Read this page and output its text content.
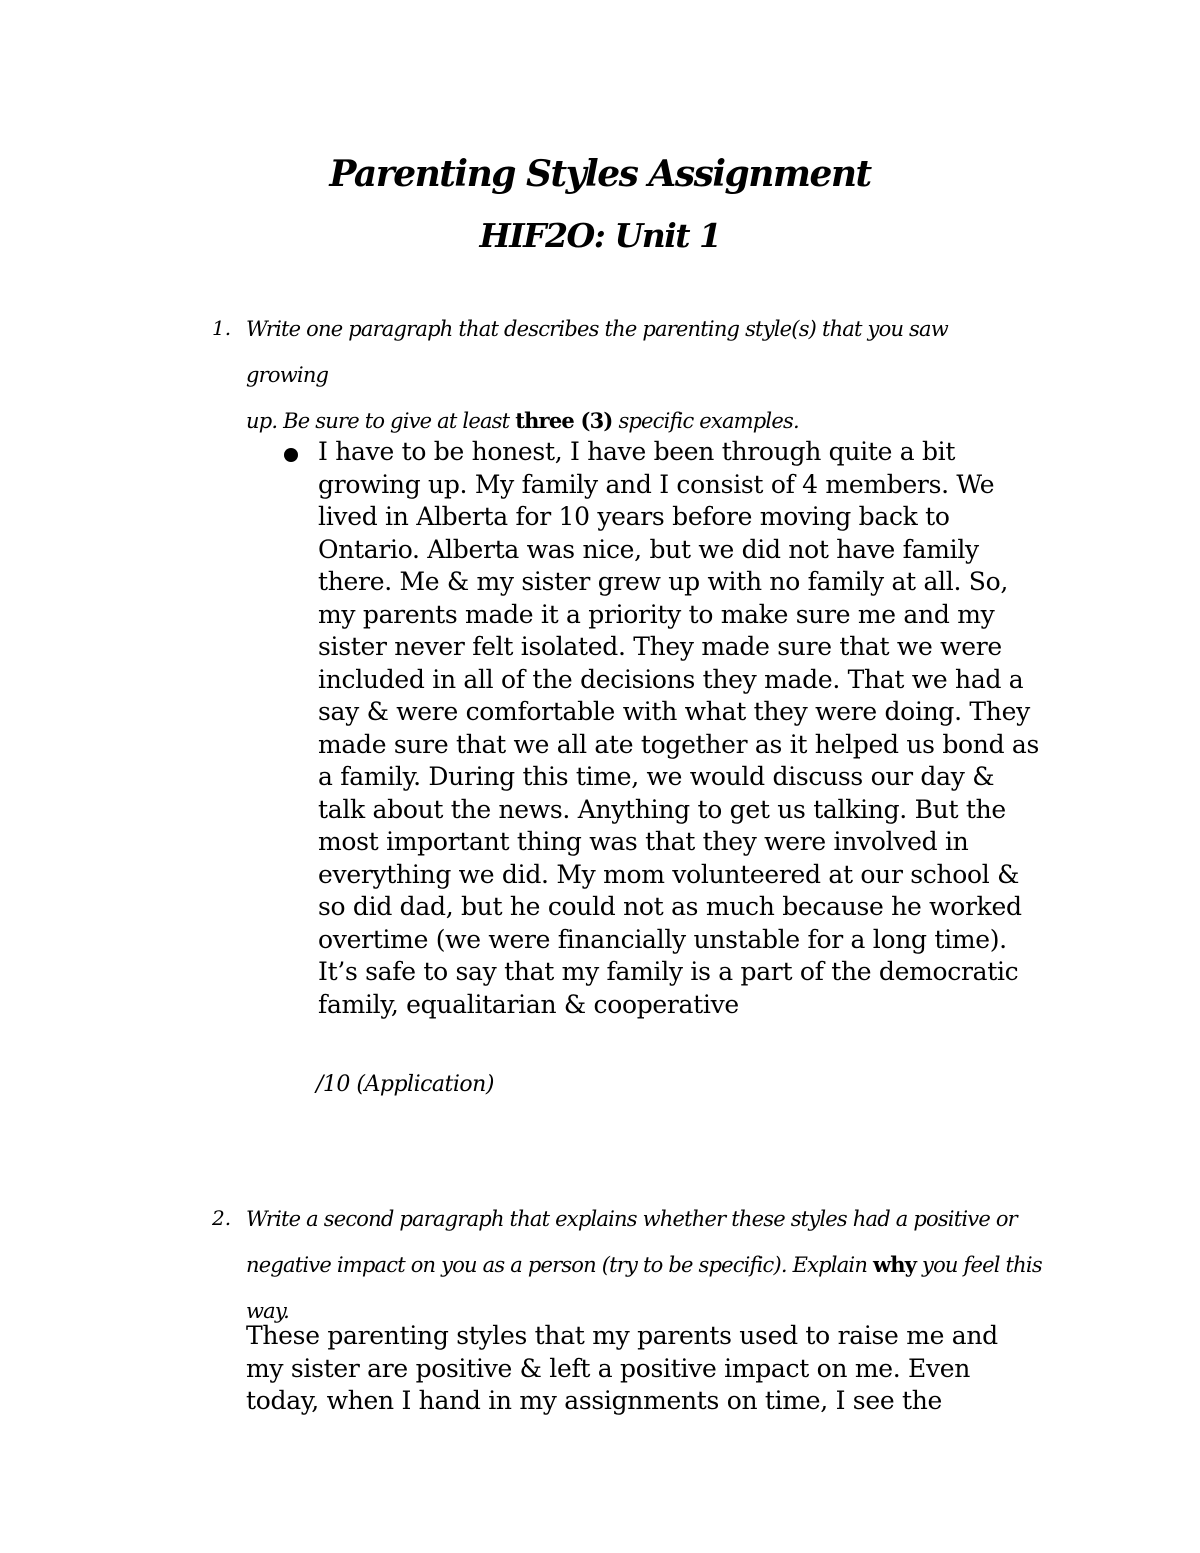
Parenting Styles Assignment
HIF2O: Unit 1
1. Write one paragraph that describes the parenting style(s) that you saw growing
up. Be sure to give at least three (3) specific examples.
I have to be honest, I have been through quite a bit
growing up. My family and I consist of 4 members. We
lived in Alberta for 10 years before moving back to
Ontario. Alberta was nice, but we did not have family
there. Me & my sister grew up with no family at all. So,
my parents made it a priority to make sure me and my
sister never felt isolated. They made sure that we were
included in all of the decisions they made. That we had a
say & were comfortable with what they were doing. They
made sure that we all ate together as it helped us bond as
a family. During this time, we would discuss our day &
talk about the news. Anything to get us talking. But the
most important thing was that they were involved in
everything we did. My mom volunteered at our school &
so did dad, but he could not as much because he worked
overtime (we were financially unstable for a long time).
It’s safe to say that my family is a part of the democratic
family, equalitarian & cooperative
/10 (Application)
2. Write a second paragraph that explains whether these styles had a positive or
negative impact on you as a person (try to be specific). Explain why you feel this
way.
These parenting styles that my parents used to raise me and
my sister are positive & left a positive impact on me. Even
today, when I hand in my assignments on time, I see the
